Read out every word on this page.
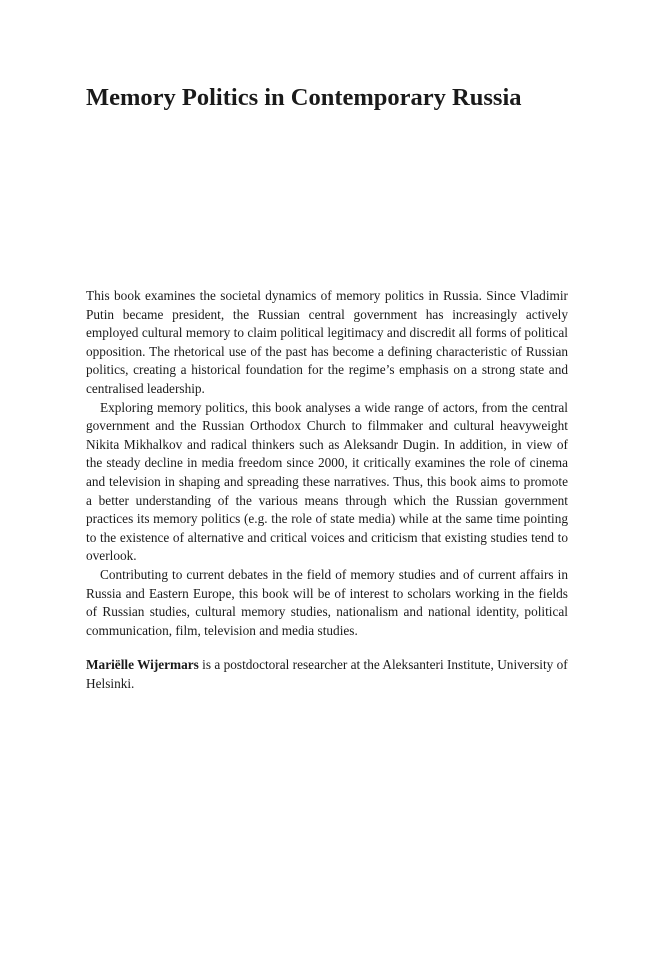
Memory Politics in Contemporary Russia

This book examines the societal dynamics of memory politics in Russia. Since Vladimir Putin became president, the Russian central government has increasingly actively employed cultural memory to claim political legitimacy and discredit all forms of political opposition. The rhetorical use of the past has become a defining characteristic of Russian politics, creating a historical foundation for the regime’s emphasis on a strong state and centralised leadership.

Exploring memory politics, this book analyses a wide range of actors, from the central government and the Russian Orthodox Church to filmmaker and cultural heavyweight Nikita Mikhalkov and radical thinkers such as Aleksandr Dugin. In addition, in view of the steady decline in media freedom since 2000, it critically examines the role of cinema and television in shaping and spreading these narratives. Thus, this book aims to promote a better understanding of the various means through which the Russian government practices its memory politics (e.g. the role of state media) while at the same time pointing to the existence of alternative and critical voices and criticism that existing studies tend to overlook.

Contributing to current debates in the field of memory studies and of current affairs in Russia and Eastern Europe, this book will be of interest to scholars working in the fields of Russian studies, cultural memory studies, nationalism and national identity, political communication, film, television and media studies.

Mariëlle Wijermars is a postdoctoral researcher at the Aleksanteri Institute, University of Helsinki.
